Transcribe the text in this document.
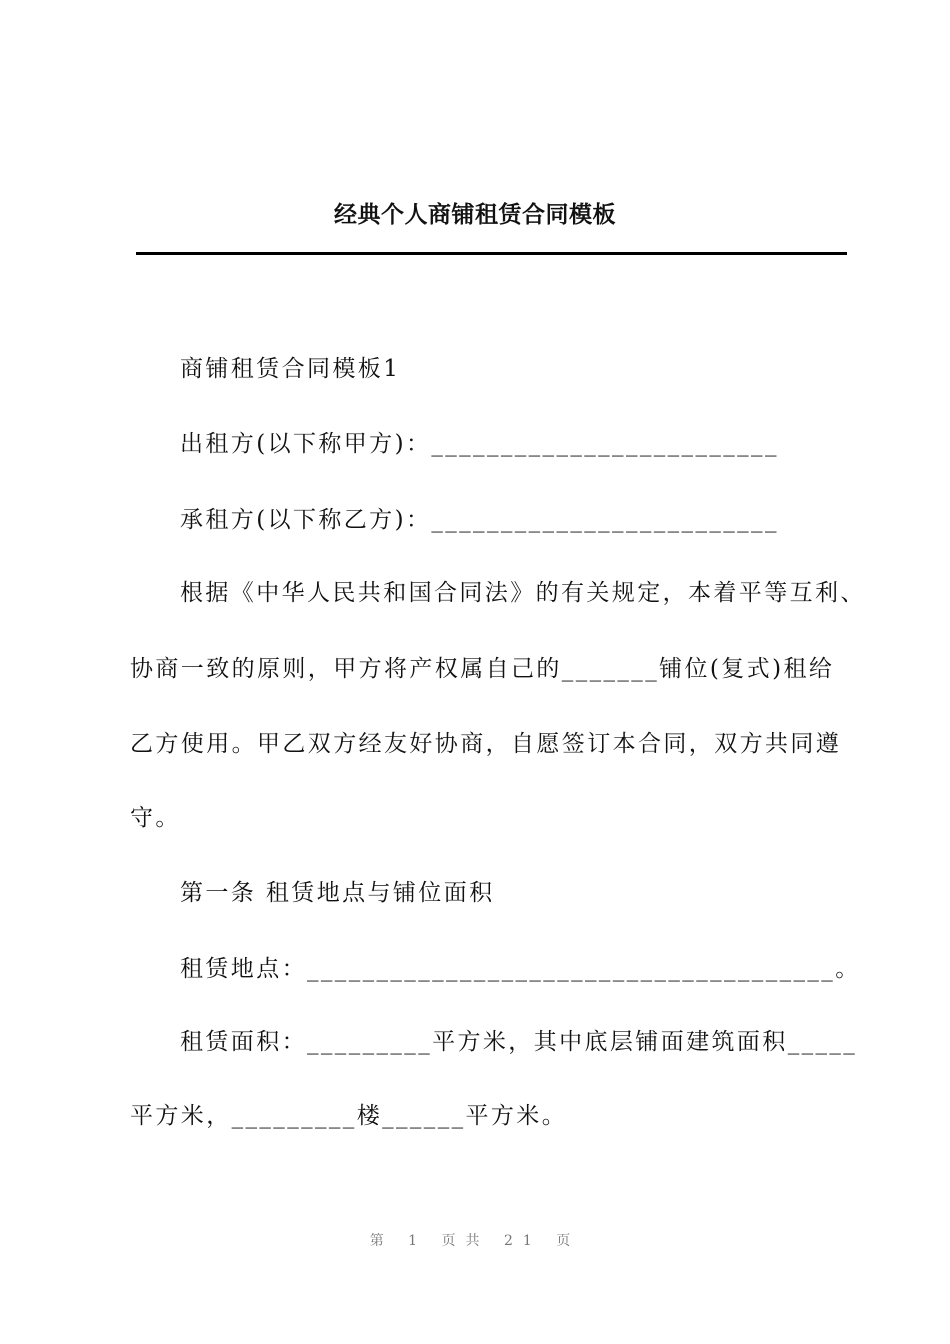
经典个人商铺租赁合同模板
商铺租赁合同模板1
出租方(以下称甲方)：_________________________
承租方(以下称乙方)：_________________________
根据《中华人民共和国合同法》的有关规定，本着平等互利、
协商一致的原则，甲方将产权属自己的_______铺位(复式)租给
乙方使用。甲乙双方经友好协商，自愿签订本合同，双方共同遵
守。
第一条 租赁地点与铺位面积
租赁地点：______________________________________。
租赁面积：_________平方米，其中底层铺面建筑面积_____
平方米，_________楼______平方米。
第 1 页共 21 页
